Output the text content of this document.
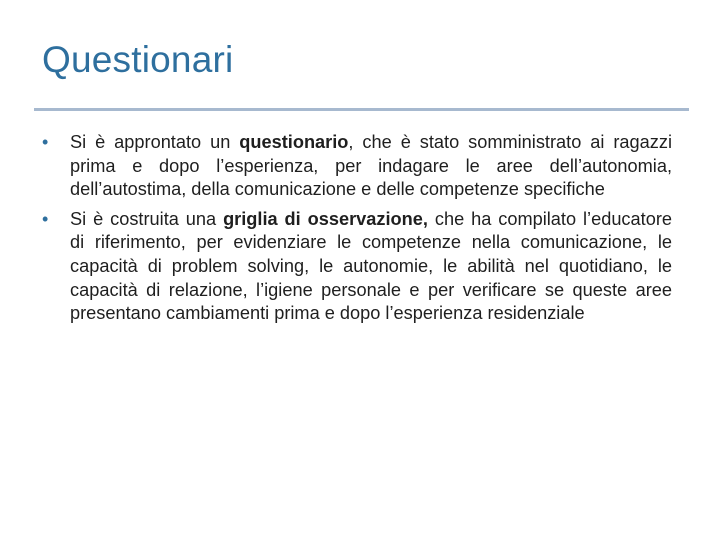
Questionari
• Si è approntato un questionario, che è stato somministrato ai ragazzi prima e dopo l’esperienza, per indagare le aree dell’autonomia, dell’autostima, della comunicazione e delle competenze specifiche
• Si è costruita una griglia di osservazione, che ha compilato l’educatore di riferimento, per evidenziare le competenze nella comunicazione, le capacità di problem solving, le autonomie, le abilità nel quotidiano, le capacità di relazione, l’igiene personale e per verificare se queste aree presentano cambiamenti prima e dopo l’esperienza residenziale
